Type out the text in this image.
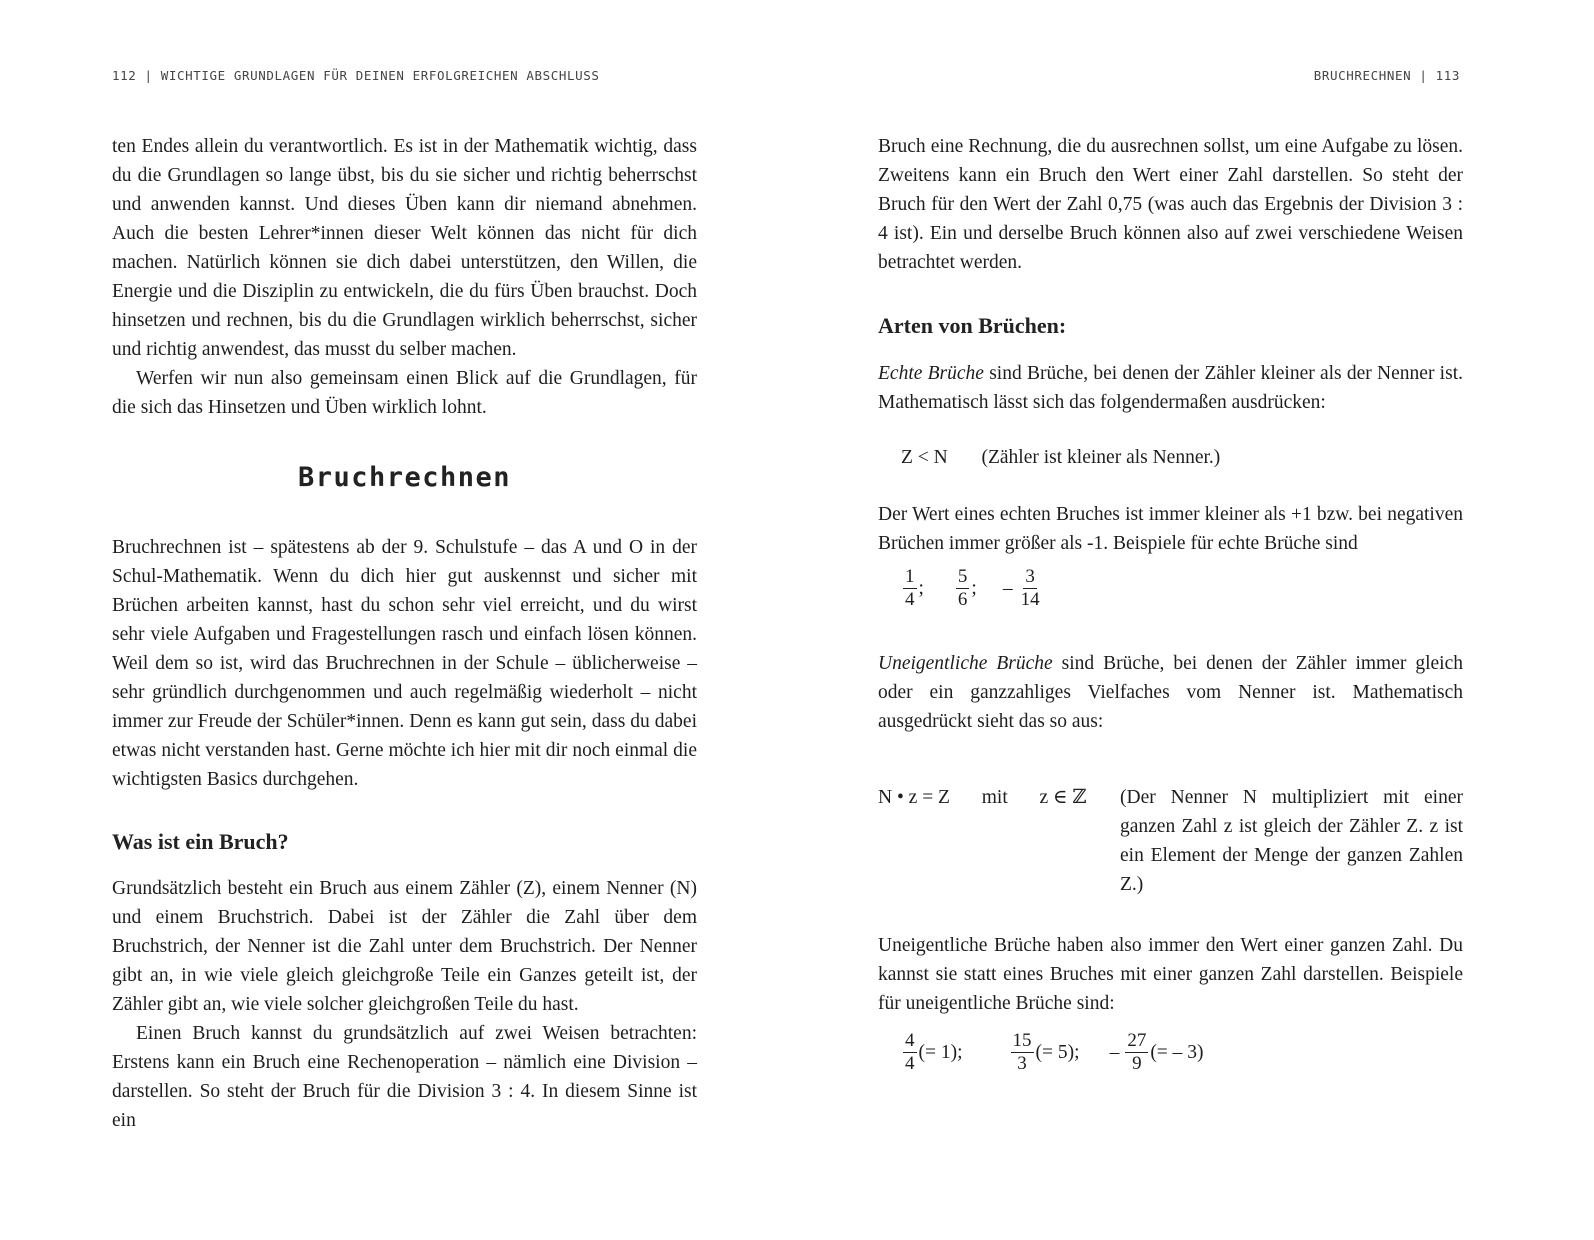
112 | WICHTIGE GRUNDLAGEN FÜR DEINEN ERFOLGREICHEN ABSCHLUSS

ten Endes allein du verantwortlich. Es ist in der Mathematik wichtig, dass du die Grundlagen so lange übst, bis du sie sicher und richtig beherrschst und anwenden kannst. Und dieses Üben kann dir niemand abnehmen. Auch die besten Lehrer*innen dieser Welt können das nicht für dich machen. Natürlich können sie dich dabei unterstützen, den Willen, die Energie und die Disziplin zu entwickeln, die du fürs Üben brauchst. Doch hinsetzen und rechnen, bis du die Grundlagen wirklich beherrschst, sicher und richtig anwendest, das musst du selber machen.

Werfen wir nun also gemeinsam einen Blick auf die Grundlagen, für die sich das Hinsetzen und Üben wirklich lohnt.

Bruchrechnen

Bruchrechnen ist – spätestens ab der 9. Schulstufe – das A und O in der Schul-Mathematik. Wenn du dich hier gut auskennst und sicher mit Brüchen arbeiten kannst, hast du schon sehr viel erreicht, und du wirst sehr viele Aufgaben und Fragestellungen rasch und einfach lösen können. Weil dem so ist, wird das Bruchrechnen in der Schule – üblicherweise – sehr gründlich durchgenommen und auch regelmäßig wiederholt – nicht immer zur Freude der Schüler*innen. Denn es kann gut sein, dass du dabei etwas nicht verstanden hast. Gerne möchte ich hier mit dir noch einmal die wichtigsten Basics durchgehen.

Was ist ein Bruch?

Grundsätzlich besteht ein Bruch aus einem Zähler (Z), einem Nenner (N) und einem Bruchstrich. Dabei ist der Zähler die Zahl über dem Bruchstrich, der Nenner ist die Zahl unter dem Bruchstrich. Der Nenner gibt an, in wie viele gleich gleichgroße Teile ein Ganzes geteilt ist, der Zähler gibt an, wie viele solcher gleichgroßen Teile du hast.

Einen Bruch kannst du grundsätzlich auf zwei Weisen betrachten: Erstens kann ein Bruch eine Rechenoperation – nämlich eine Division – darstellen. So steht der Bruch für die Division 3 : 4. In diesem Sinne ist ein

BRUCHRECHNEN | 113

Bruch eine Rechnung, die du ausrechnen sollst, um eine Aufgabe zu lösen. Zweitens kann ein Bruch den Wert einer Zahl darstellen. So steht der Bruch für den Wert der Zahl 0,75 (was auch das Ergebnis der Division 3 : 4 ist). Ein und derselbe Bruch können also auf zwei verschiedene Weisen betrachtet werden.

Arten von Brüchen:

Echte Brüche sind Brüche, bei denen der Zähler kleiner als der Nenner ist. Mathematisch lässt sich das folgendermaßen ausdrücken:

Z < N (Zähler ist kleiner als Nenner.)

Der Wert eines echten Bruches ist immer kleiner als +1 bzw. bei negativen Brüchen immer größer als -1. Beispiele für echte Brüche sind

$\frac{1}{4}$ ; $\frac{5}{6}$ ; – $\frac{3}{14}$

Uneigentliche Brüche sind Brüche, bei denen der Zähler immer gleich oder ein ganzzahliges Vielfaches vom Nenner ist. Mathematisch ausgedrückt sieht das so aus:

N • z = Z mit z ∈ ℤ	(Der Nenner N multipliziert mit einer ganzen Zahl z ist gleich der Zähler Z. z ist ein Element der Menge der ganzen Zahlen Z.)

Uneigentliche Brüche haben also immer den Wert einer ganzen Zahl. Du kannst sie statt eines Bruches mit einer ganzen Zahl darstellen. Beispiele für uneigentliche Brüche sind:

$\frac{4}{4}$ (= 1);	$\frac{15}{3}$ (= 5); – $\frac{27}{9}$ (= – 3)
